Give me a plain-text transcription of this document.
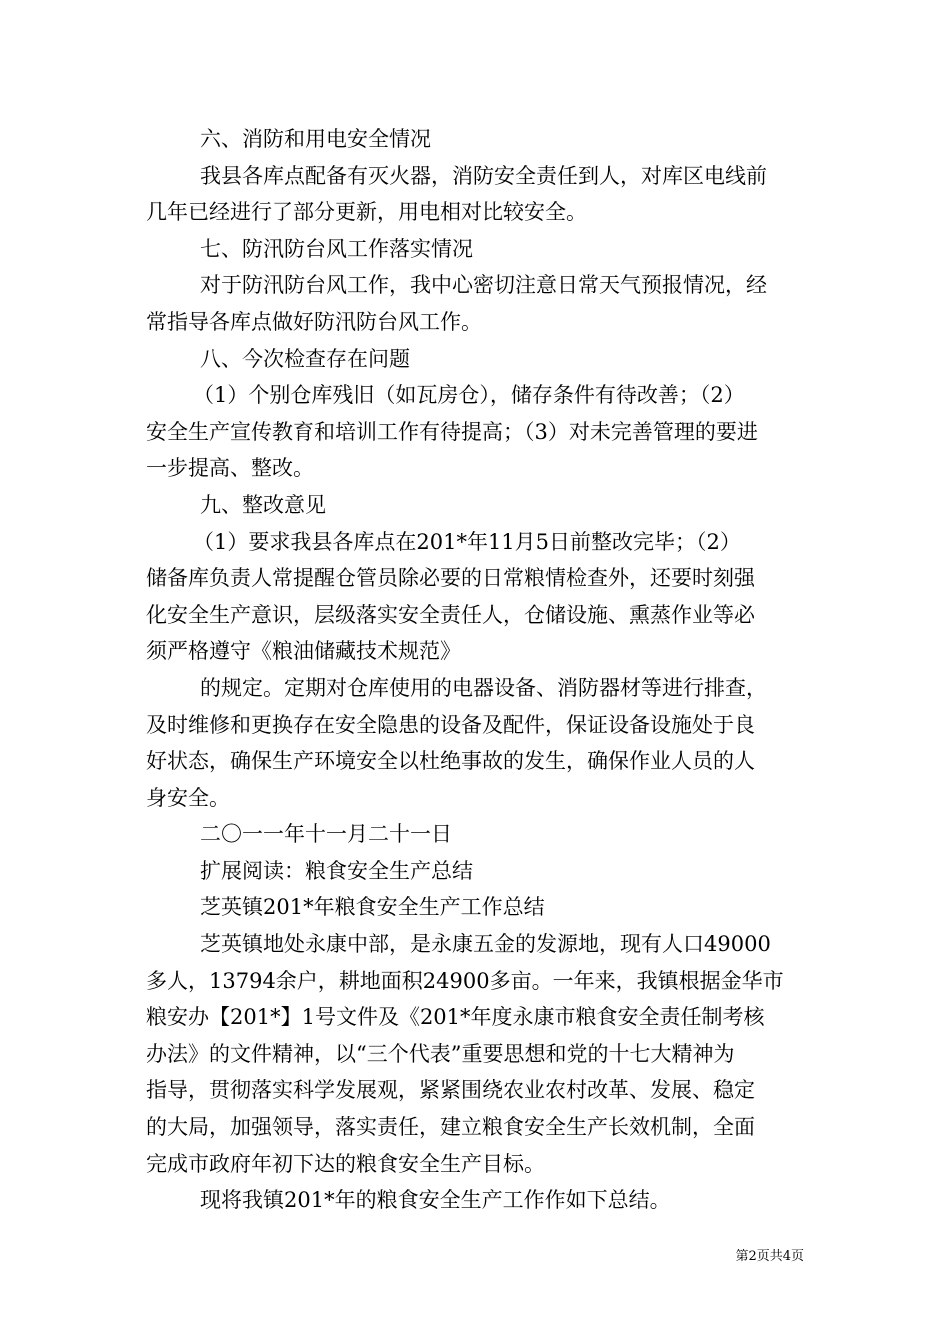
六、消防和用电安全情况
我县各库点配备有灭火器，消防安全责任到人，对库区电线前
几年已经进行了部分更新，用电相对比较安全。
七、防汛防台风工作落实情况
对于防汛防台风工作，我中心密切注意日常天气预报情况，经
常指导各库点做好防汛防台风工作。
八、今次检查存在问题
（1）个别仓库残旧（如瓦房仓），储存条件有待改善；（2）
安全生产宣传教育和培训工作有待提高；（3）对未完善管理的要进
一步提高、整改。
九、整改意见
（1）要求我县各库点在201*年11月5日前整改完毕；（2）
储备库负责人常提醒仓管员除必要的日常粮情检查外，还要时刻强
化安全生产意识，层级落实安全责任人，仓储设施、熏蒸作业等必
须严格遵守《粮油储藏技术规范》
的规定。定期对仓库使用的电器设备、消防器材等进行排查，
及时维修和更换存在安全隐患的设备及配件，保证设备设施处于良
好状态，确保生产环境安全以杜绝事故的发生，确保作业人员的人
身安全。
二〇一一年十一月二十一日
扩展阅读：粮食安全生产总结
芝英镇201*年粮食安全生产工作总结
芝英镇地处永康中部，是永康五金的发源地，现有人口49000
多人，13794余户，耕地面积24900多亩。一年来，我镇根据金华市
粮安办【201*】1号文件及《201*年度永康市粮食安全责任制考核
办法》的文件精神，以“三个代表”重要思想和党的十七大精神为
指导，贯彻落实科学发展观，紧紧围绕农业农村改革、发展、稳定
的大局，加强领导，落实责任，建立粮食安全生产长效机制，全面
完成市政府年初下达的粮食安全生产目标。
现将我镇201*年的粮食安全生产工作作如下总结。
第2页共4页
